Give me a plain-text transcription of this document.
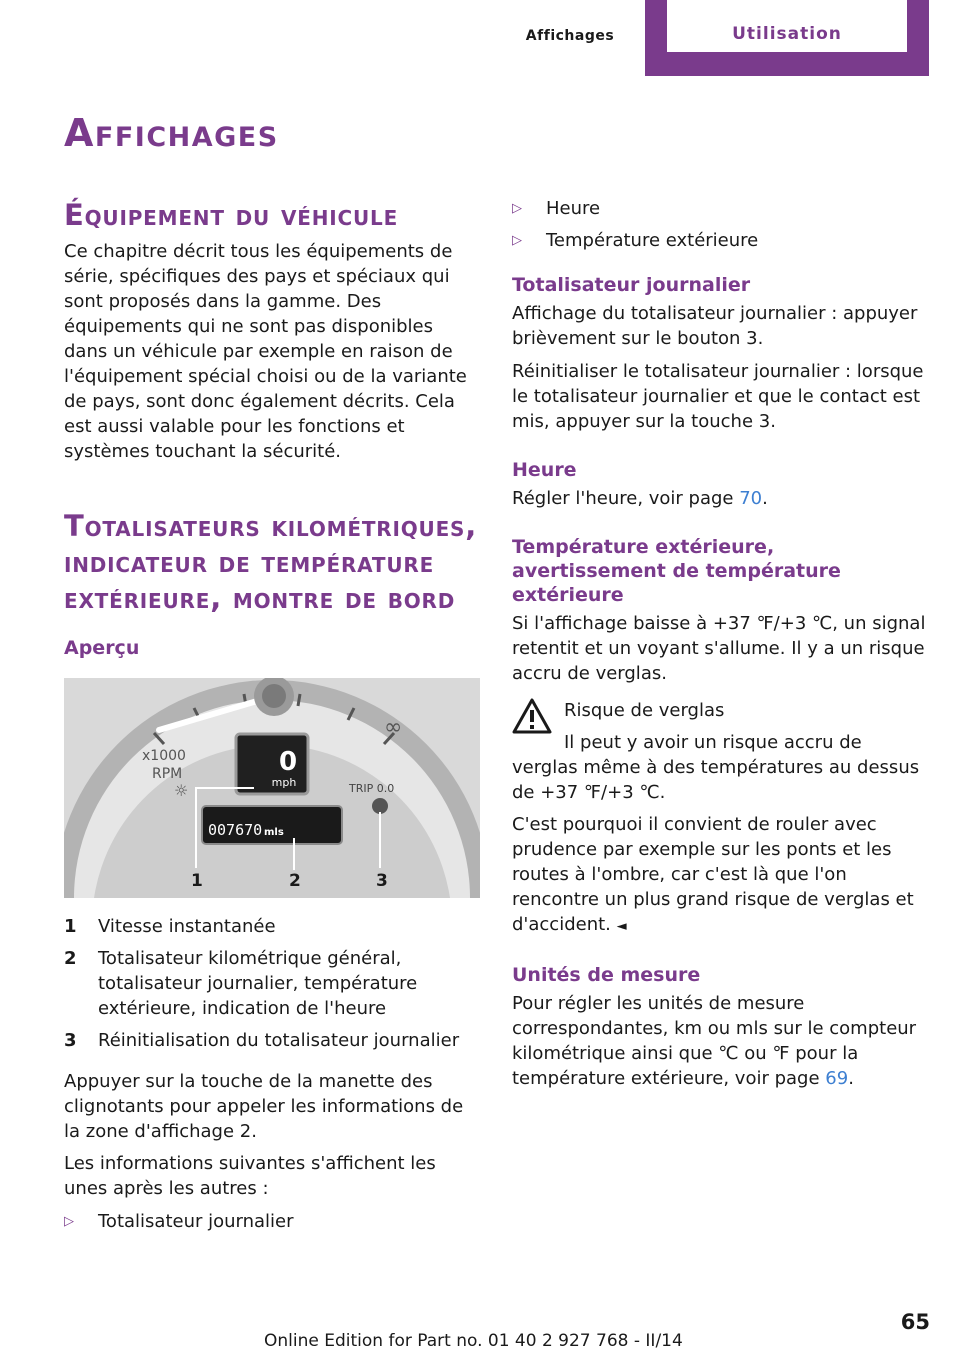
Affichages	Utilisation
Affichages
Équipement du véhicule

Ce chapitre décrit tous les équipements de série, spécifiques des pays et spéciaux qui sont proposés dans la gamme. Des équipements qui ne sont pas disponibles dans un véhicule par exemple en raison de l'équipement spécial choisi ou de la variante de pays, sont donc également décrits. Cela est aussi valable pour les fonctions et systèmes touchant la sécurité.

Totalisateurs kilométriques, indicateur de température extérieure, montre de bord
Aperçu
x1000
RPM
∞
0
mph	TRIP 0.0
☼
007670 mls
1	2	3
1 Vitesse instantanée
2 Totalisateur kilométrique général, totalisateur journalier, température extérieure, indication de l'heure
3 Réinitialisation du totalisateur journalier

Appuyer sur la touche de la manette des clignotants pour appeler les informations de la zone d'affichage 2.

Les informations suivantes s'affichent les unes après les autres :

▷ Totalisateur journalier
▷ Heure
▷ Température extérieure
Totalisateur journalier

Affichage du totalisateur journalier : appuyer brièvement sur le bouton 3.

Réinitialiser le totalisateur journalier : lorsque le totalisateur journalier et que le contact est mis, appuyer sur la touche 3.

Heure

Régler l'heure, voir page 70.

Température extérieure, avertissement de température extérieure

Si l'affichage baisse à +37 ℉/+3 ℃, un signal retentit et un voyant s'allume. Il y a un risque accru de verglas.

Risque de verglas

Il peut y avoir un risque accru de verglas même à des températures au dessus de +37 ℉/+3 ℃.

C'est pourquoi il convient de rouler avec prudence par exemple sur les ponts et les routes à l'ombre, car c'est là que l'on rencontre un plus grand risque de verglas et d'accident. ◄

Unités de mesure

Pour régler les unités de mesure correspondantes, km ou mls sur le compteur kilométrique ainsi que ℃ ou ℉ pour la température extérieure, voir page 69.

Online Edition for Part no. 01 40 2 927 768 - II/14
65
